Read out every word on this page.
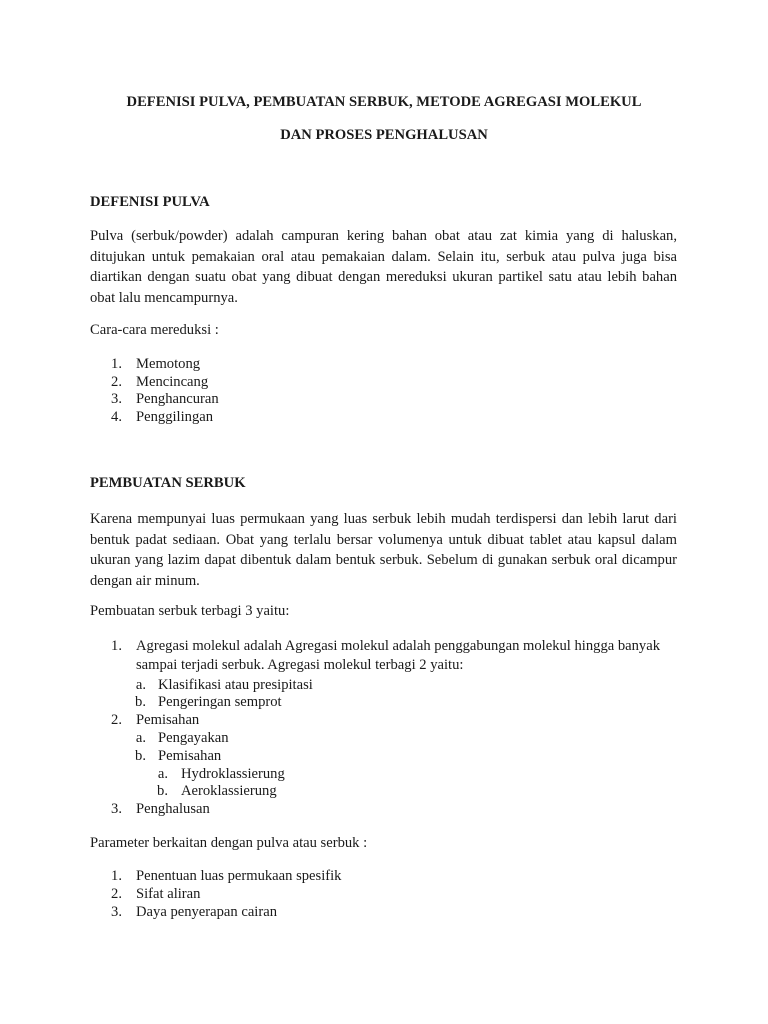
DEFENISI PULVA, PEMBUATAN SERBUK, METODE AGREGASI MOLEKUL
DAN PROSES PENGHALUSAN
DEFENISI PULVA
Pulva (serbuk/powder) adalah campuran kering bahan obat atau zat kimia yang di haluskan, ditujukan untuk pemakaian oral atau pemakaian dalam. Selain itu, serbuk atau pulva juga bisa diartikan dengan suatu obat yang dibuat dengan mereduksi ukuran partikel satu atau lebih bahan obat lalu mencampurnya.
Cara-cara mereduksi :
1. Memotong
2. Mencincang
3. Penghancuran
4. Penggilingan
PEMBUATAN SERBUK
Karena mempunyai luas permukaan yang luas serbuk lebih mudah terdispersi dan lebih larut dari bentuk padat sediaan. Obat yang terlalu bersar volumenya untuk dibuat tablet atau kapsul dalam ukuran yang lazim dapat dibentuk dalam bentuk serbuk. Sebelum di gunakan serbuk oral dicampur dengan air minum.
Pembuatan serbuk terbagi 3 yaitu:
1. Agregasi molekul adalah Agregasi molekul adalah penggabungan molekul hingga banyak
sampai terjadi serbuk. Agregasi molekul terbagi 2 yaitu:
a. Klasifikasi atau presipitasi
b. Pengeringan semprot
2. Pemisahan
a. Pengayakan
b. Pemisahan
a. Hydroklassierung
b. Aeroklassierung
3. Penghalusan
Parameter berkaitan dengan pulva atau serbuk :
1. Penentuan luas permukaan spesifik
2. Sifat aliran
3. Daya penyerapan cairan
